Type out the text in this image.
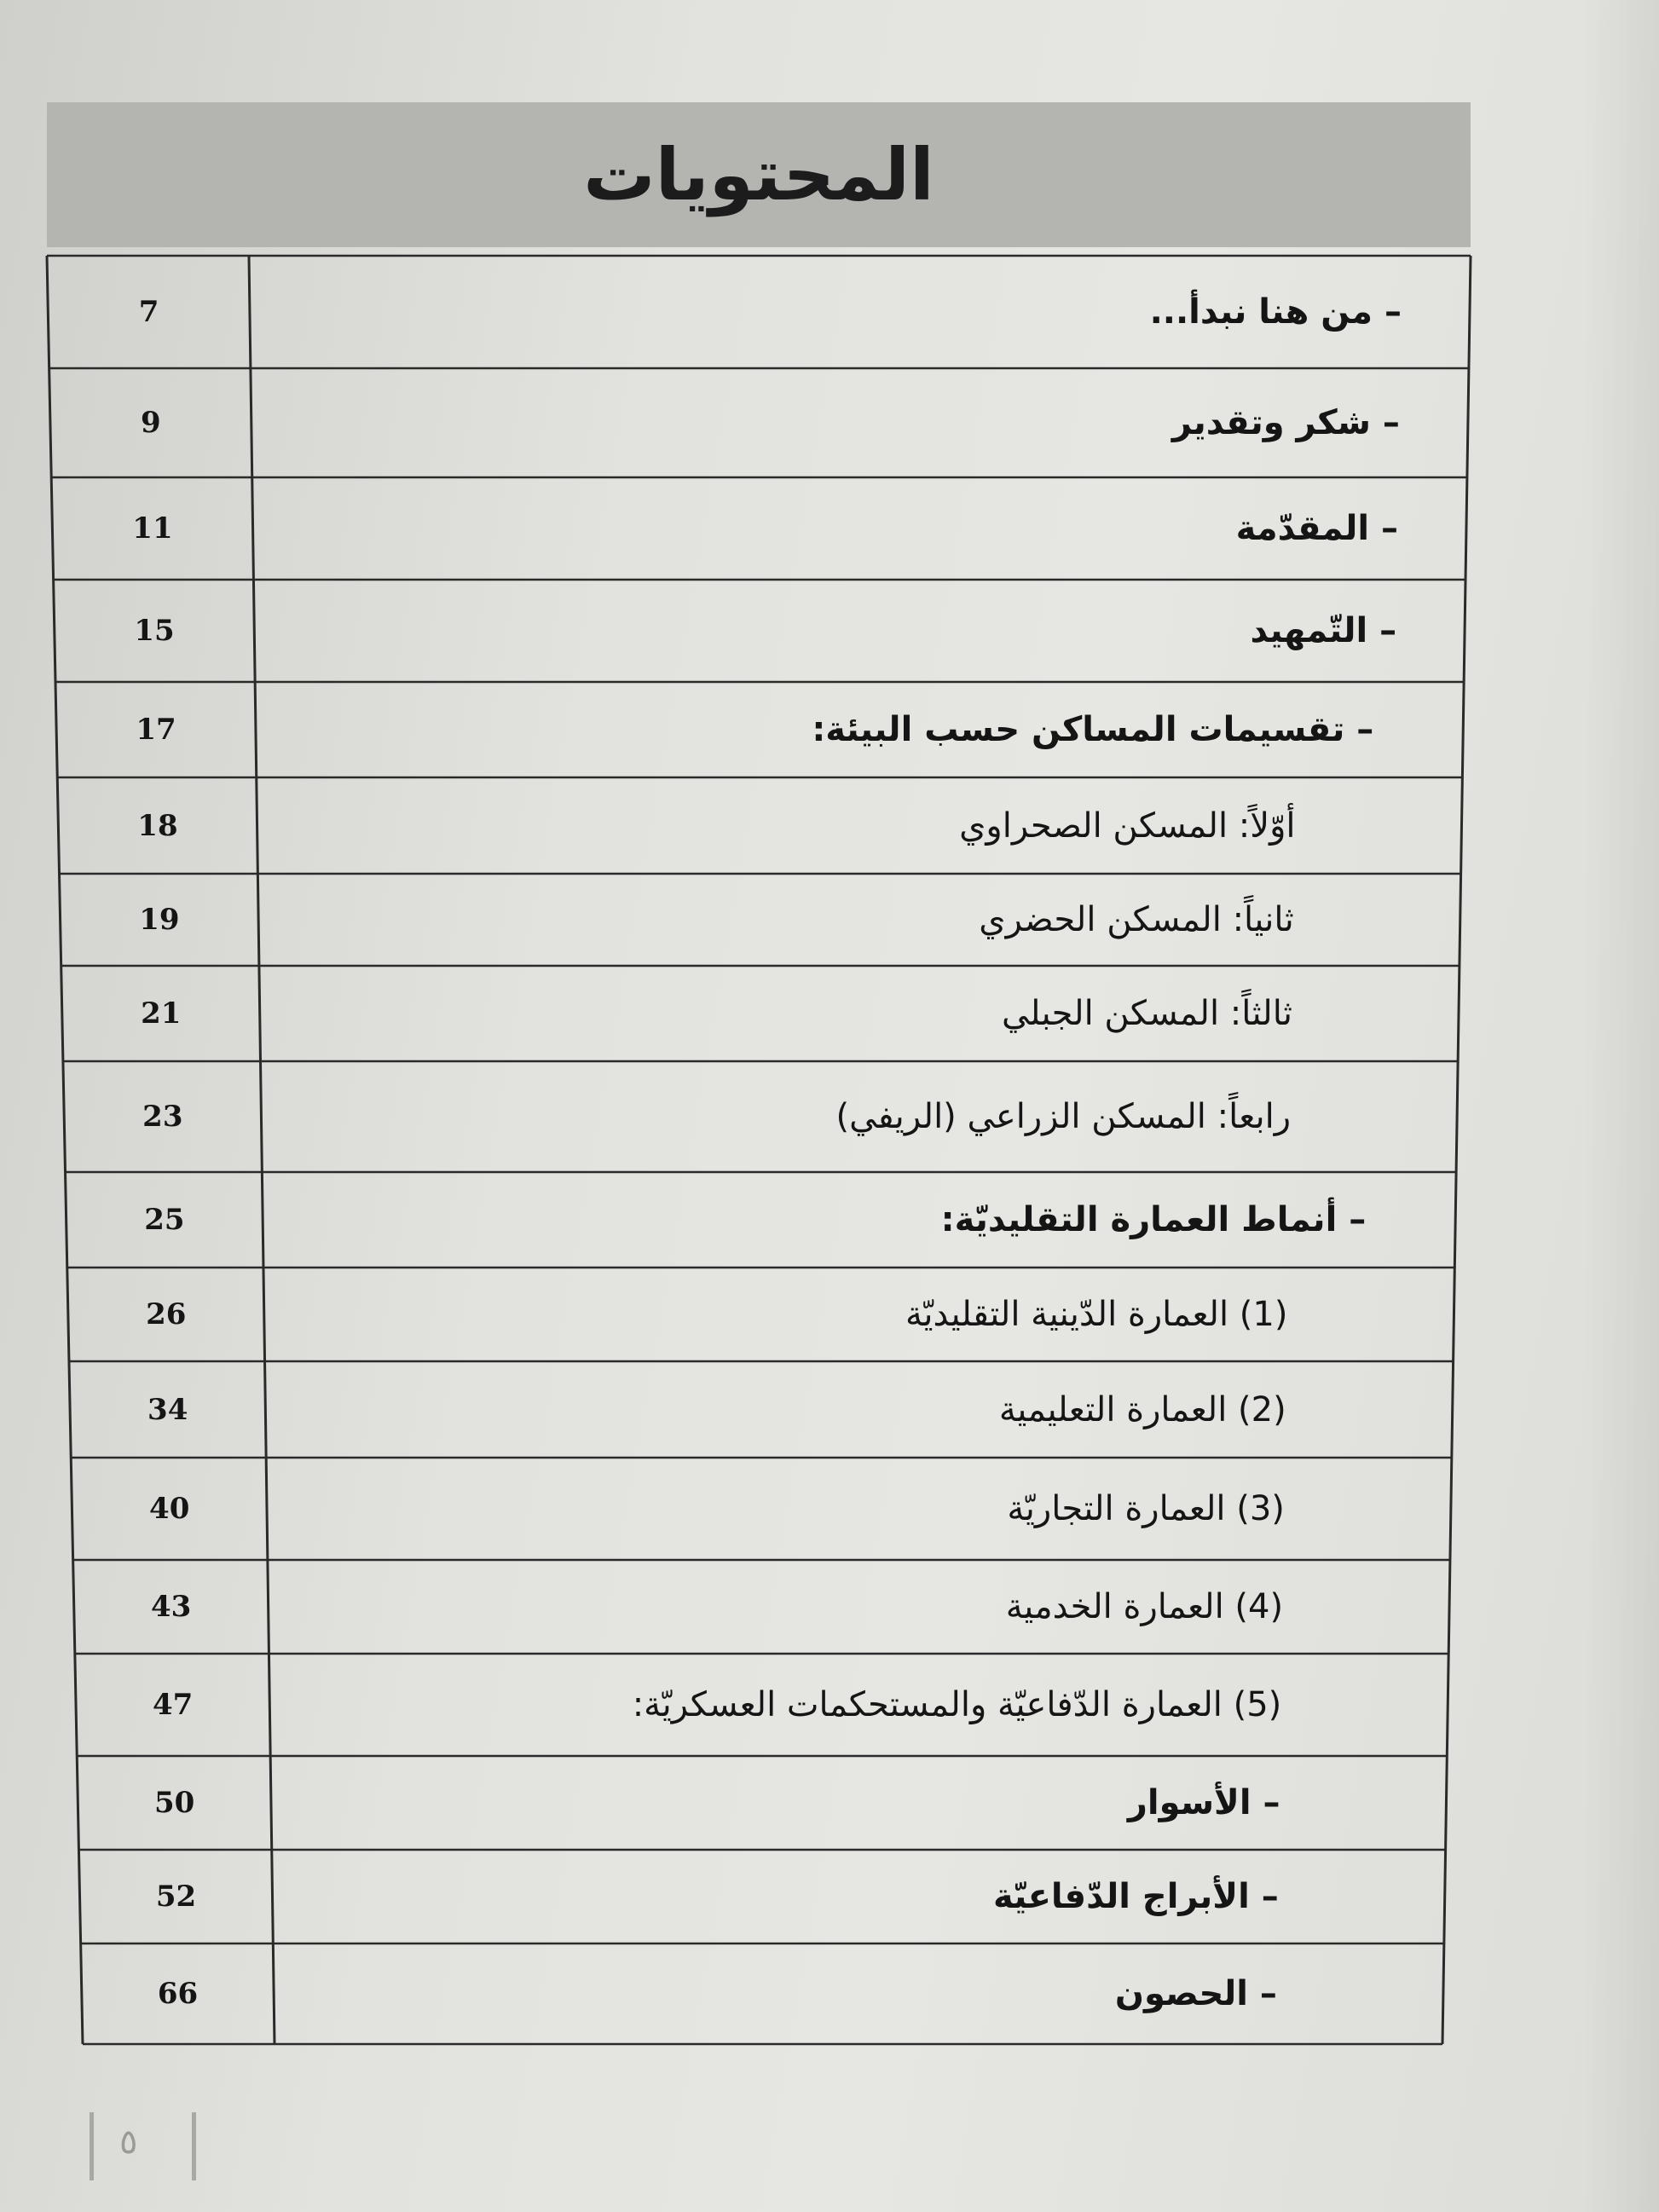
المحتويات
– من هنا نبدأ...
7
– شكر وتقدير
9
– المقدّمة
11
– التّمهيد
15
– تقسيمات المساكن حسب البيئة:
17
أوّلاً: المسكن الصحراوي
18
ثانياً: المسكن الحضري
19
ثالثاً: المسكن الجبلي
21
رابعاً: المسكن الزراعي (الريفي)
23
– أنماط العمارة التقليديّة:
25
(1) العمارة الدّينية التقليديّة
26
(2) العمارة التعليمية
34
(3) العمارة التجاريّة
40
(4) العمارة الخدمية
43
(5) العمارة الدّفاعيّة والمستحكمات العسكريّة:
47
– الأسوار
50
– الأبراج الدّفاعيّة
52
– الحصون
66
٥
